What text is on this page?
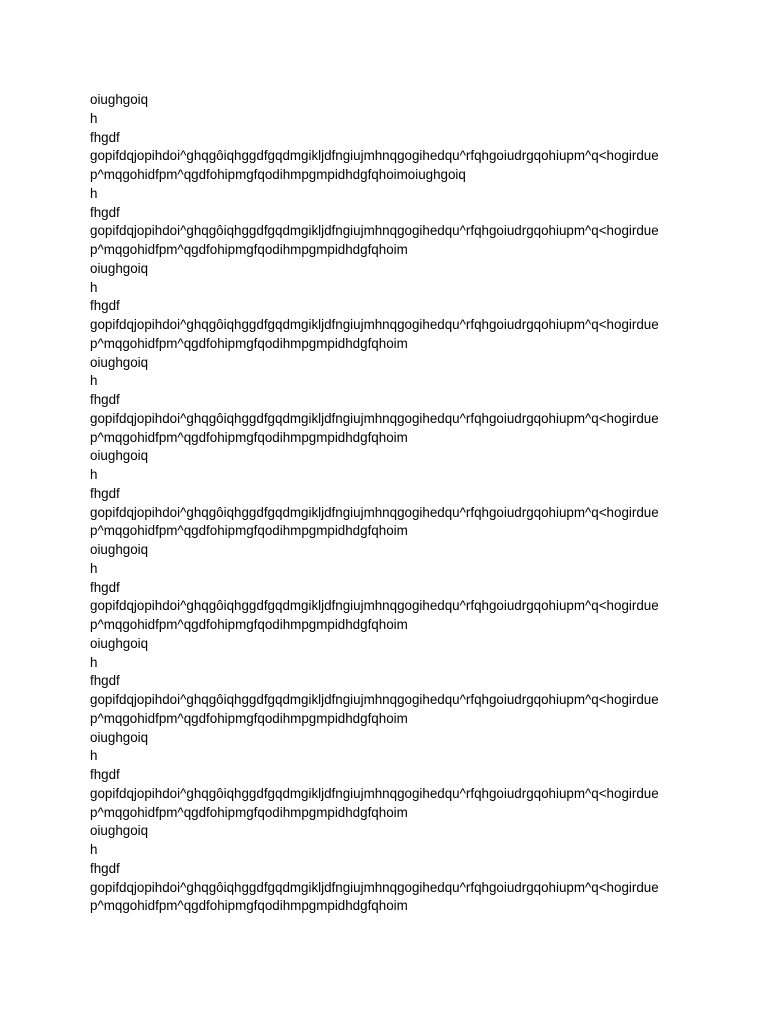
oiughgoiq
h
fhgdf
gopifdqjopihdoi^ghqgôiqhggdfgqdmgikljdfngiujmhnqgogihedqu^rfqhgoiudrgqohiupm^q<hogirdue
p^mqgohidfpm^qgdfohipmgfqodihmpgmpidhdgfqhoimoiughgoiq
h
fhgdf
gopifdqjopihdoi^ghqgôiqhggdfgqdmgikljdfngiujmhnqgogihedqu^rfqhgoiudrgqohiupm^q<hogirdue
p^mqgohidfpm^qgdfohipmgfqodihmpgmpidhdgfqhoim
oiughgoiq
h
fhgdf
gopifdqjopihdoi^ghqgôiqhggdfgqdmgikljdfngiujmhnqgogihedqu^rfqhgoiudrgqohiupm^q<hogirdue
p^mqgohidfpm^qgdfohipmgfqodihmpgmpidhdgfqhoim
oiughgoiq
h
fhgdf
gopifdqjopihdoi^ghqgôiqhggdfgqdmgikljdfngiujmhnqgogihedqu^rfqhgoiudrgqohiupm^q<hogirdue
p^mqgohidfpm^qgdfohipmgfqodihmpgmpidhdgfqhoim
oiughgoiq
h
fhgdf
gopifdqjopihdoi^ghqgôiqhggdfgqdmgikljdfngiujmhnqgogihedqu^rfqhgoiudrgqohiupm^q<hogirdue
p^mqgohidfpm^qgdfohipmgfqodihmpgmpidhdgfqhoim
oiughgoiq
h
fhgdf
gopifdqjopihdoi^ghqgôiqhggdfgqdmgikljdfngiujmhnqgogihedqu^rfqhgoiudrgqohiupm^q<hogirdue
p^mqgohidfpm^qgdfohipmgfqodihmpgmpidhdgfqhoim
oiughgoiq
h
fhgdf
gopifdqjopihdoi^ghqgôiqhggdfgqdmgikljdfngiujmhnqgogihedqu^rfqhgoiudrgqohiupm^q<hogirdue
p^mqgohidfpm^qgdfohipmgfqodihmpgmpidhdgfqhoim
oiughgoiq
h
fhgdf
gopifdqjopihdoi^ghqgôiqhggdfgqdmgikljdfngiujmhnqgogihedqu^rfqhgoiudrgqohiupm^q<hogirdue
p^mqgohidfpm^qgdfohipmgfqodihmpgmpidhdgfqhoim
oiughgoiq
h
fhgdf
gopifdqjopihdoi^ghqgôiqhggdfgqdmgikljdfngiujmhnqgogihedqu^rfqhgoiudrgqohiupm^q<hogirdue
p^mqgohidfpm^qgdfohipmgfqodihmpgmpidhdgfqhoim
